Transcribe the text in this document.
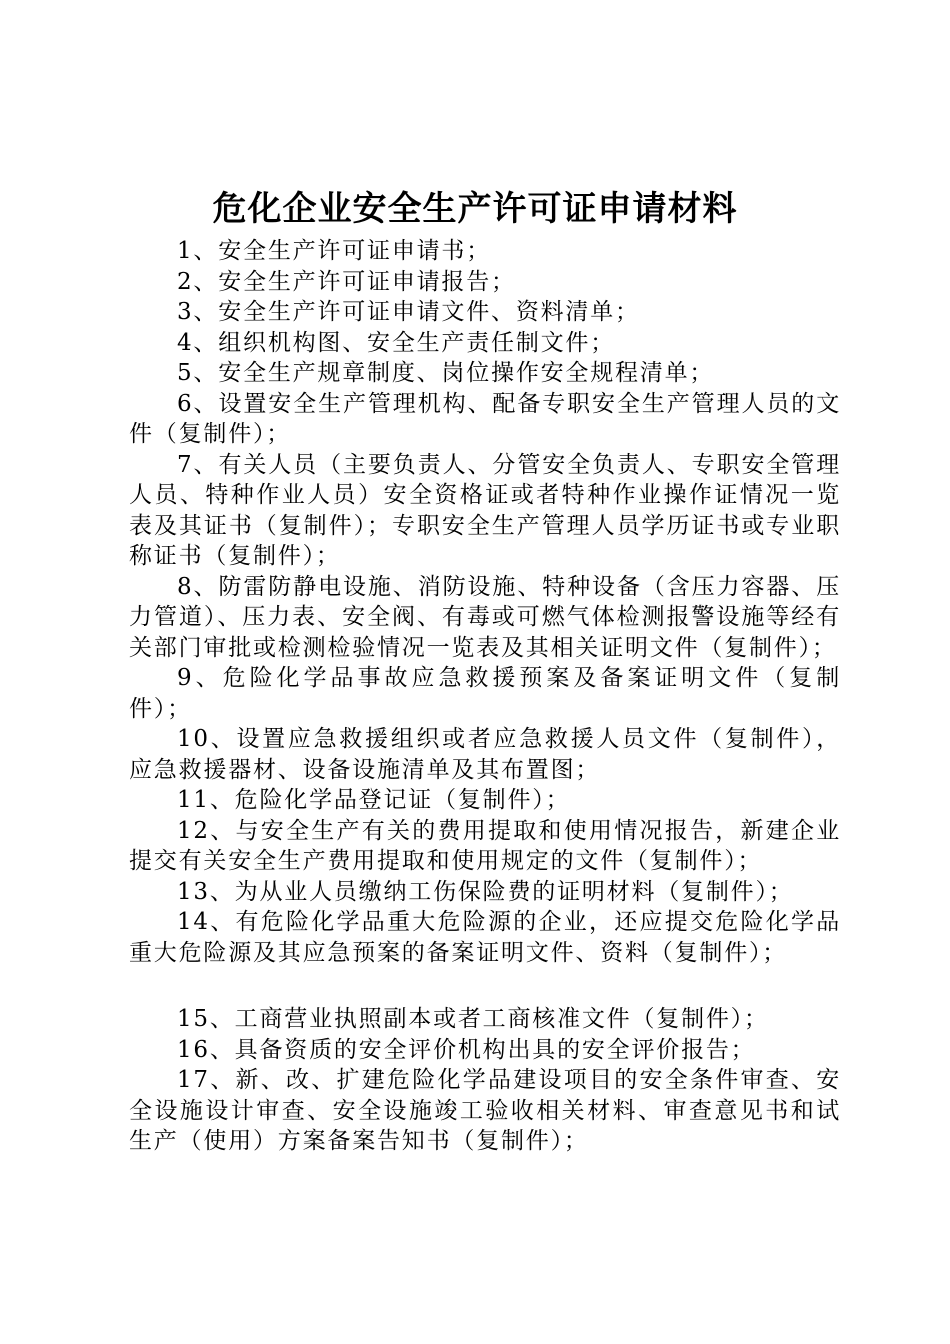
危化企业安全生产许可证申请材料

1、安全生产许可证申请书；

2、安全生产许可证申请报告；

3、安全生产许可证申请文件、资料清单；

4、组织机构图、安全生产责任制文件；

5、安全生产规章制度、岗位操作安全规程清单；

6、设置安全生产管理机构、配备专职安全生产管理人员的文件（复制件）；

7、有关人员（主要负责人、分管安全负责人、专职安全管理人员、特种作业人员）安全资格证或者特种作业操作证情况一览表及其证书（复制件）；专职安全生产管理人员学历证书或专业职称证书（复制件）；

8、防雷防静电设施、消防设施、特种设备（含压力容器、压力管道）、压力表、安全阀、有毒或可燃气体检测报警设施等经有关部门审批或检测检验情况一览表及其相关证明文件（复制件）；

9、危险化学品事故应急救援预案及备案证明文件（复制件）；

10、设置应急救援组织或者应急救援人员文件（复制件），应急救援器材、设备设施清单及其布置图；

11、危险化学品登记证（复制件）；

12、与安全生产有关的费用提取和使用情况报告，新建企业提交有关安全生产费用提取和使用规定的文件（复制件）；

13、为从业人员缴纳工伤保险费的证明材料（复制件）；

14、有危险化学品重大危险源的企业，还应提交危险化学品重大危险源及其应急预案的备案证明文件、资料（复制件）；

15、工商营业执照副本或者工商核准文件（复制件）；

16、具备资质的安全评价机构出具的安全评价报告；

17、新、改、扩建危险化学品建设项目的安全条件审查、安全设施设计审查、安全设施竣工验收相关材料、审查意见书和试生产（使用）方案备案告知书（复制件）；
